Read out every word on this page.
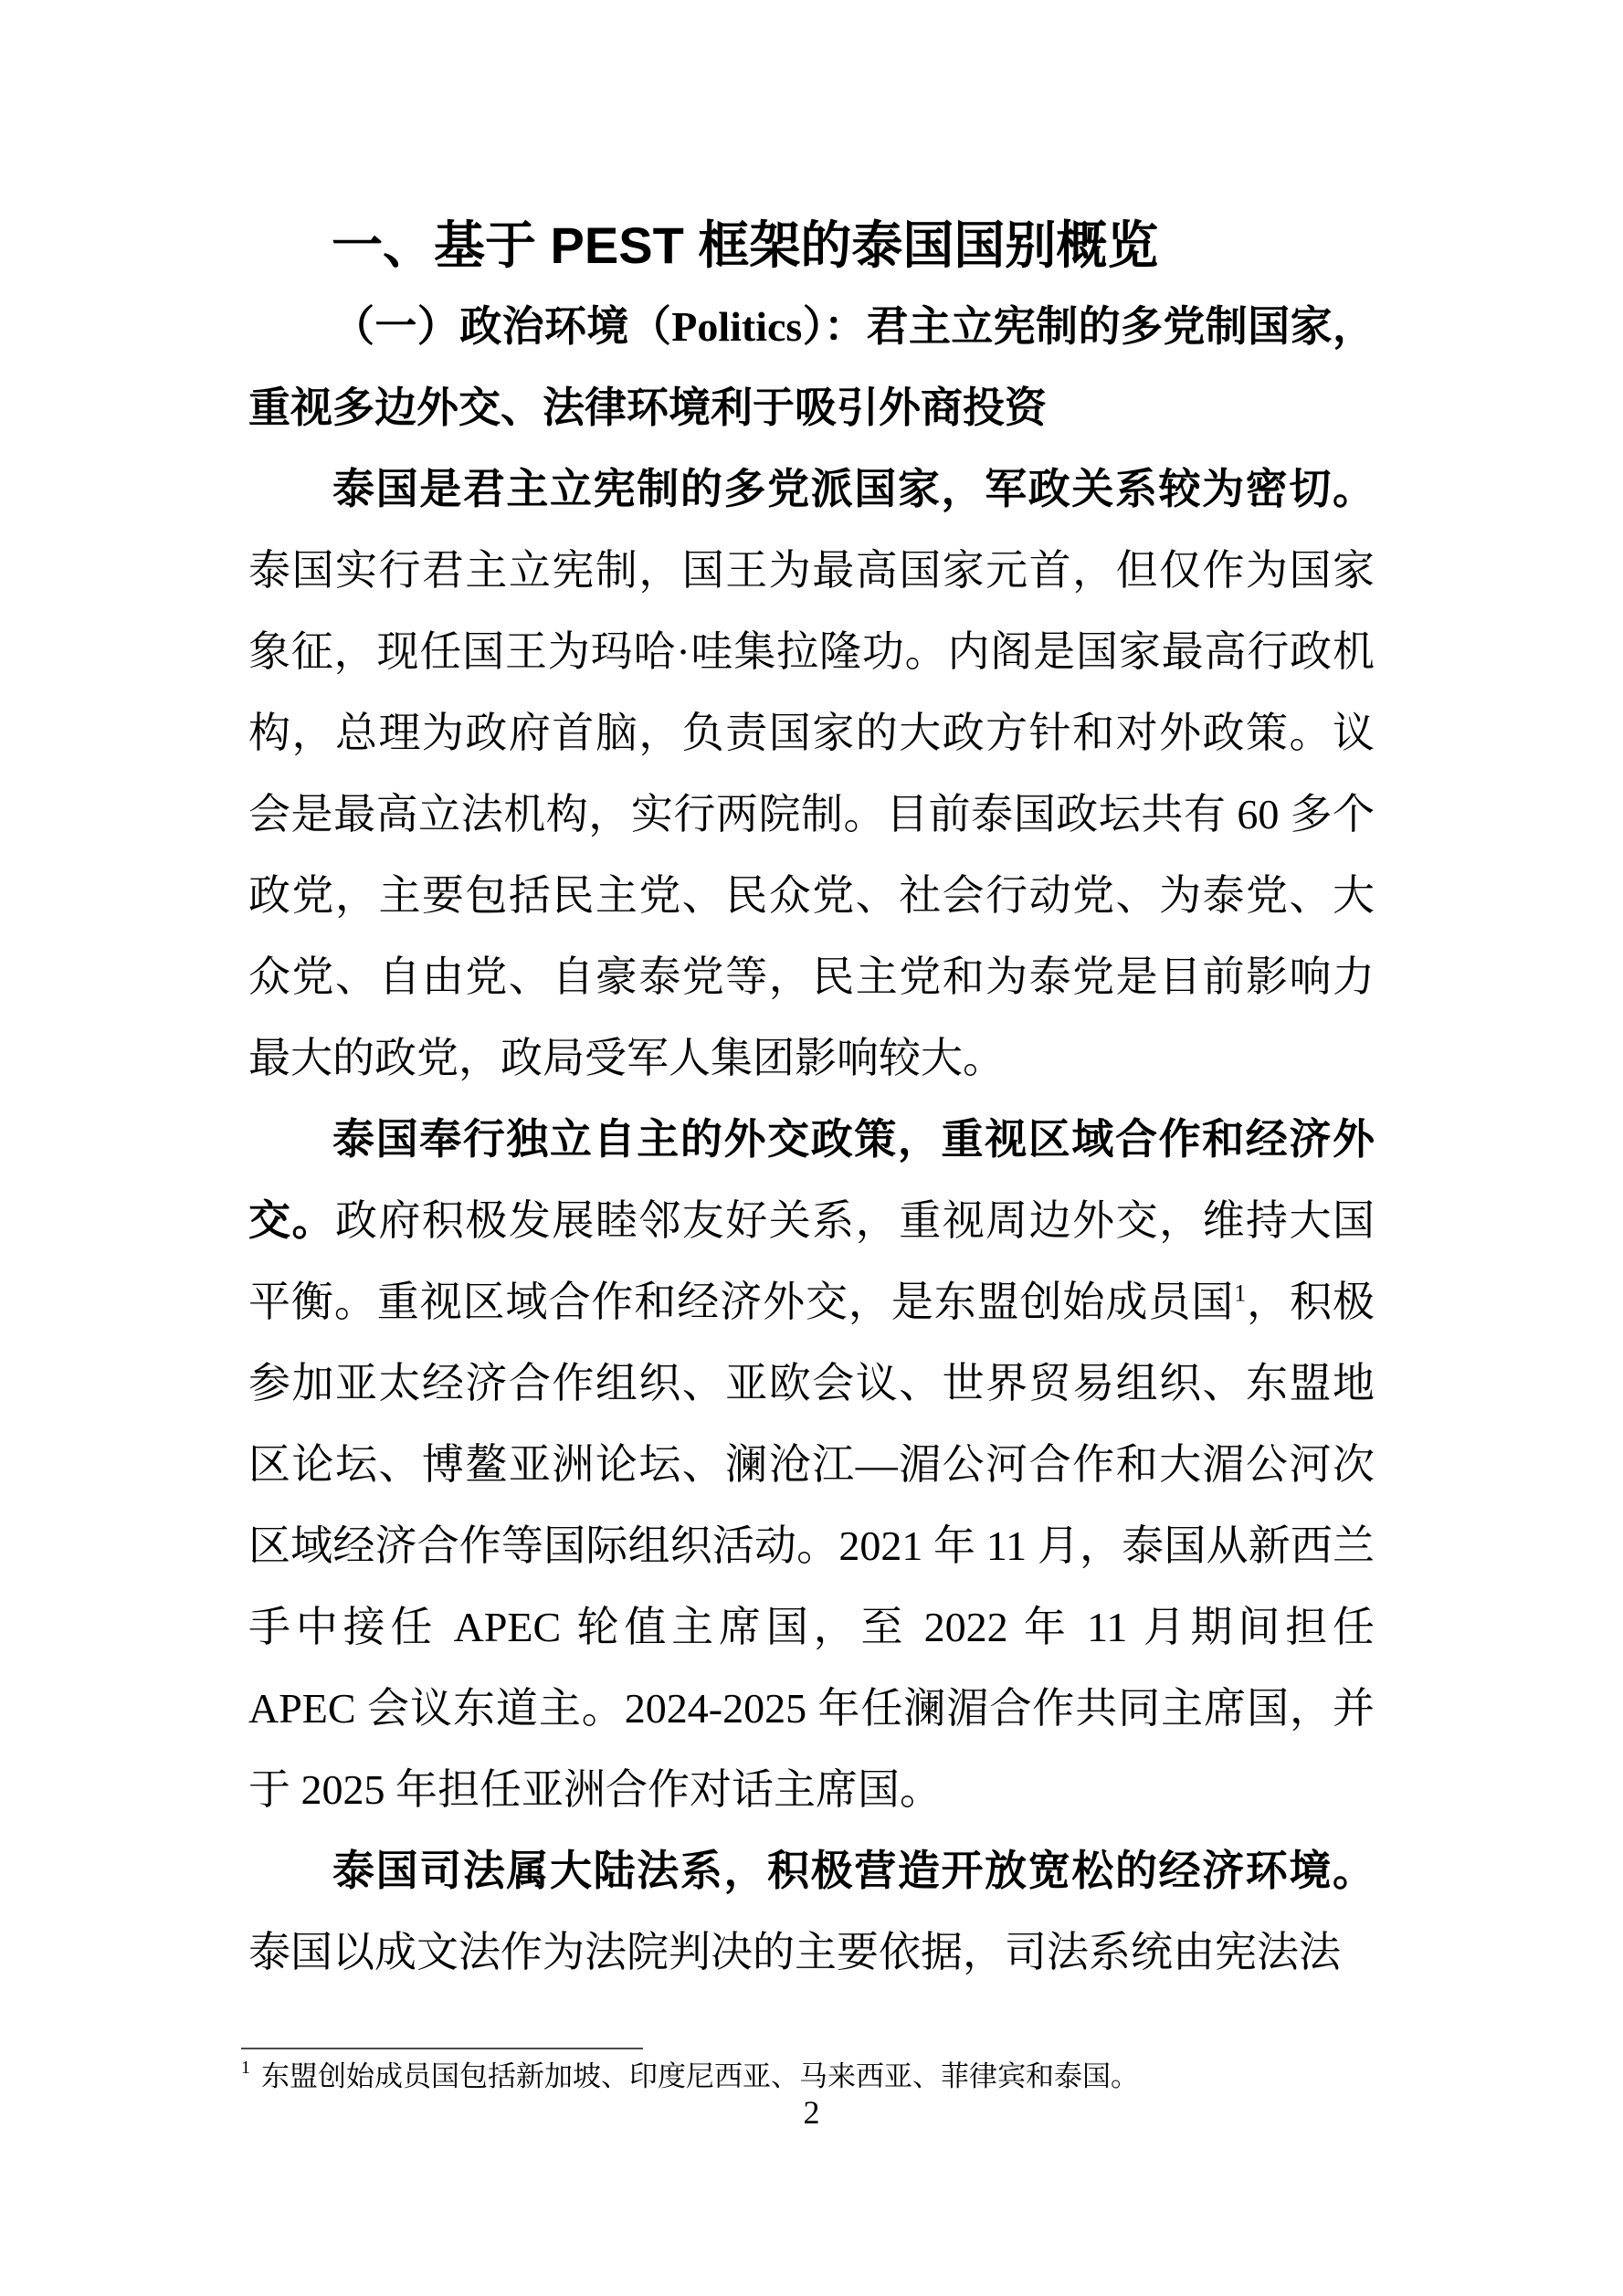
一、基于 PEST 框架的泰国国别概览
（一）政治环境（Politics）：君主立宪制的多党制国家，重视多边外交、法律环境利于吸引外商投资

泰国是君主立宪制的多党派国家，军政关系较为密切。泰国实行君主立宪制，国王为最高国家元首，但仅作为国家象征，现任国王为玛哈·哇集拉隆功。内阁是国家最高行政机构，总理为政府首脑，负责国家的大政方针和对外政策。议会是最高立法机构，实行两院制。目前泰国政坛共有 60 多个政党，主要包括民主党、民众党、社会行动党、为泰党、大众党、自由党、自豪泰党等，民主党和为泰党是目前影响力最大的政党，政局受军人集团影响较大。

泰国奉行独立自主的外交政策，重视区域合作和经济外交。政府积极发展睦邻友好关系，重视周边外交，维持大国平衡。重视区域合作和经济外交，是东盟创始成员国$^1$，积极参加亚太经济合作组织、亚欧会议、世界贸易组织、东盟地区论坛、博鳌亚洲论坛、澜沧江—湄公河合作和大湄公河次区域经济合作等国际组织活动。2021 年 11 月，泰国从新西兰手中接任 APEC 轮值主席国，至 2022 年 11 月期间担任 APEC 会议东道主。2024-2025 年任澜湄合作共同主席国，并于 2025 年担任亚洲合作对话主席国。

泰国司法属大陆法系，积极营造开放宽松的经济环境。泰国以成文法作为法院判决的主要依据，司法系统由宪法法

$^1$ 东盟创始成员国包括新加坡、印度尼西亚、马来西亚、菲律宾和泰国。
2
